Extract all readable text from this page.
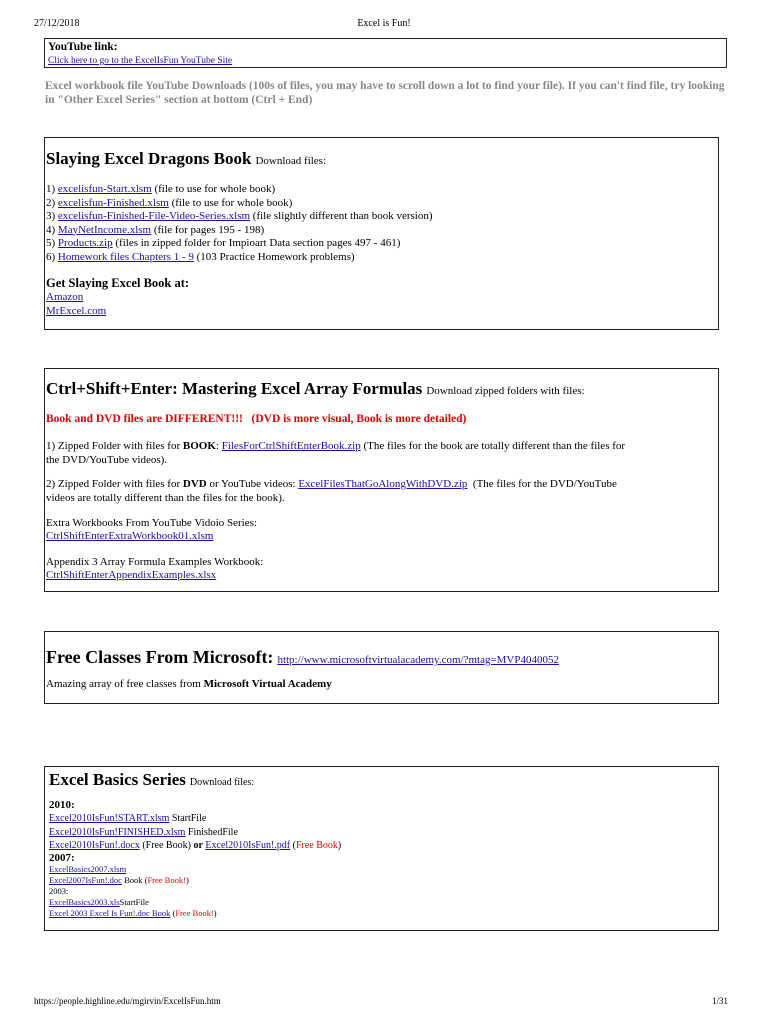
27/12/2018	Excel is Fun!
YouTube link:
Click here to go to the ExcelIsFun YouTube Site
Excel workbook file YouTube Downloads (100s of files, you may have to scroll down a lot to find your file). If you can't find file, try looking in "Other Excel Series" section at bottom (Ctrl + End)
Slaying Excel Dragons Book Download files:
1) excelisfun-Start.xlsm (file to use for whole book)
2) excelisfun-Finished.xlsm (file to use for whole book)
3) excelisfun-Finished-File-Video-Series.xlsm (file slightly different than book version)
4) MayNetIncome.xlsm (file for pages 195 - 198)
5) Products.zip (files in zipped folder for Impioart Data section pages 497 - 461)
6) Homework files Chapters 1 - 9 (103 Practice Homework problems)
Get Slaying Excel Book at:
Amazon
MrExcel.com
Ctrl+Shift+Enter: Mastering Excel Array Formulas Download zipped folders with files:
Book and DVD files are DIFFERENT!!!   (DVD is more visual, Book is more detailed)
1) Zipped Folder with files for BOOK: FilesForCtrlShiftEnterBook.zip (The files for the book are totally different than the files for
the DVD/YouTube videos).
2) Zipped Folder with files for DVD or YouTube videos: ExcelFilesThatGoAlongWithDVD.zip  (The files for the DVD/YouTube
videos are totally different than the files for the book).
Extra Workbooks From YouTube Vidoio Series:
CtrlShiftEnterExtraWorkbook01.xlsm
Appendix 3 Array Formula Examples Workbook:
CtrlShiftEnterAppendixExamples.xlsx
Free Classes From Microsoft: http://www.microsoftvirtualacademy.com/?mtag=MVP4040052
Amazing array of free classes from Microsoft Virtual Academy
Excel Basics Series Download files:
2010:
Excel2010IsFun!START.xlsm StartFile
Excel2010IsFun!FINISHED.xlsm FinishedFile
Excel2010IsFun!.docx (Free Book) or Excel2010IsFun!.pdf (Free Book)
2007:
ExcelBasics2007.xlsm
Excel2007IsFun!.doc Book (Free Book!)
2003:
ExcelBasics2003.xlsStartFile
Excel 2003 Excel Is Fun!.doc Book (Free Book!)
https://people.highline.edu/mgirvin/ExcelIsFun.htm	1/31
